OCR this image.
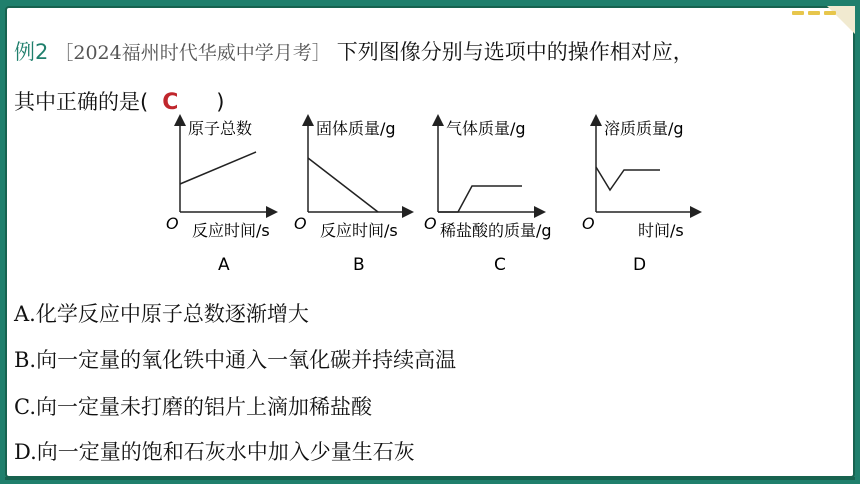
例2 ［2024福州时代华威中学月考］ 下列图像分别与选项中的操作相对应，
其中正确的是( C )
原子总数
反应时间/s
O
A
固体质量/g
反应时间/s
O
B
气体质量/g
稀盐酸的质量/g
O
C
溶质质量/g
时间/s
O
D
A.化学反应中原子总数逐渐增大
B.向一定量的氧化铁中通入一氧化碳并持续高温
C.向一定量未打磨的铝片上滴加稀盐酸
D.向一定量的饱和石灰水中加入少量生石灰
